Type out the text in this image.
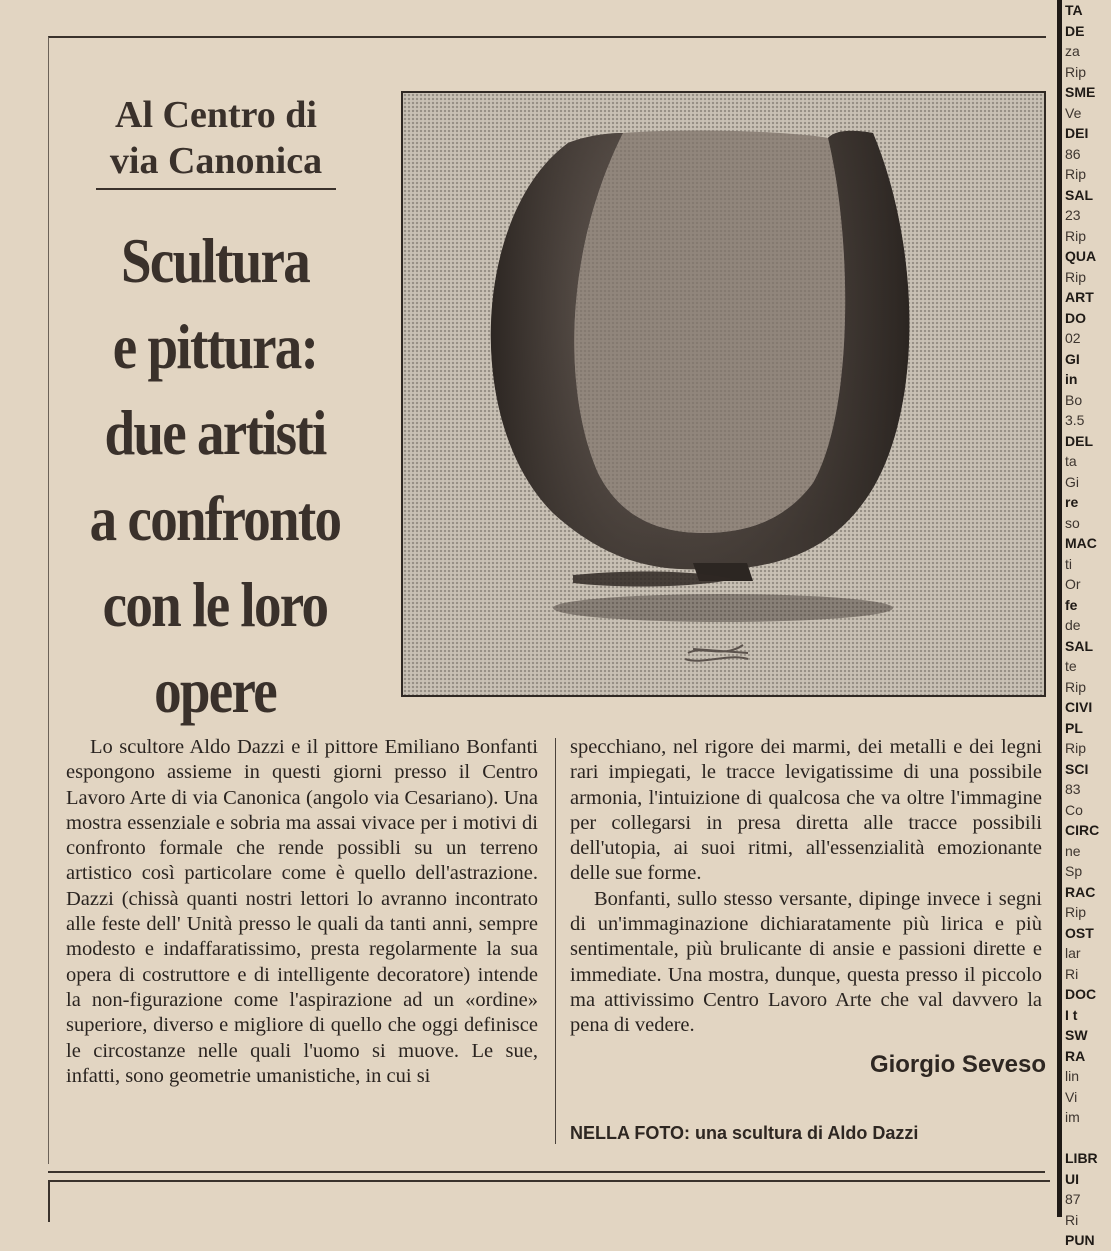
Al Centro di via Canonica
Scultura
e pittura:
due artisti
a confronto
con le loro
opere

Lo scultore Aldo Dazzi e il pittore Emiliano Bonfanti espongono assieme in questi giorni presso il Centro Lavoro Arte di via Canonica (angolo via Cesariano). Una mostra essenziale e sobria ma assai vivace per i motivi di confronto formale che rende possibli su un terreno artistico così particolare come è quello dell'astrazione. Dazzi (chissà quanti nostri lettori lo avranno incontrato alle feste dell' Unità presso le quali da tanti anni, sempre modesto e indaffaratissimo, presta regolarmente la sua opera di costruttore e di intelligente decoratore) intende la non-figurazione come l'aspirazione ad un «ordine» superiore, diverso e migliore di quello che oggi definisce le circostanze nelle quali l'uomo si muove. Le sue, infatti, sono geometrie umanistiche, in cui si

specchiano, nel rigore dei marmi, dei metalli e dei legni rari impiegati, le tracce levigatissime di una possibile armonia, l'intuizione di qualcosa che va oltre l'immagine per collegarsi in presa diretta alle tracce possibili dell'utopia, ai suoi ritmi, all'essenzialità emozionante delle sue forme.

Bonfanti, sullo stesso versante, dipinge invece i segni di un'immaginazione dichiaratamente più lirica e più sentimentale, più brulicante di ansie e passioni dirette e immediate. Una mostra, dunque, questa presso il piccolo ma attivissimo Centro Lavoro Arte che val davvero la pena di vedere.

Giorgio Seveso
NELLA FOTO: una scultura di Aldo Dazzi
TA
DE
za
Rip
SME
Ve
DEI
86
Rip
SAL
23
Rip
QUA
Rip
ART
DO
02
GI
in
Bo
3.5
DEL
ta
Gi
re
so
MAC
ti
Or
fe
de
SAL
te
Rip
CIVI
PL
Rip
SCI
83
Co
CIRC
ne
Sp
RAC
Rip
OST
lar
Ri
DOC
I t
SW
RA
lin
Vi
im
LIBR
UI
87
Ri
PUN
